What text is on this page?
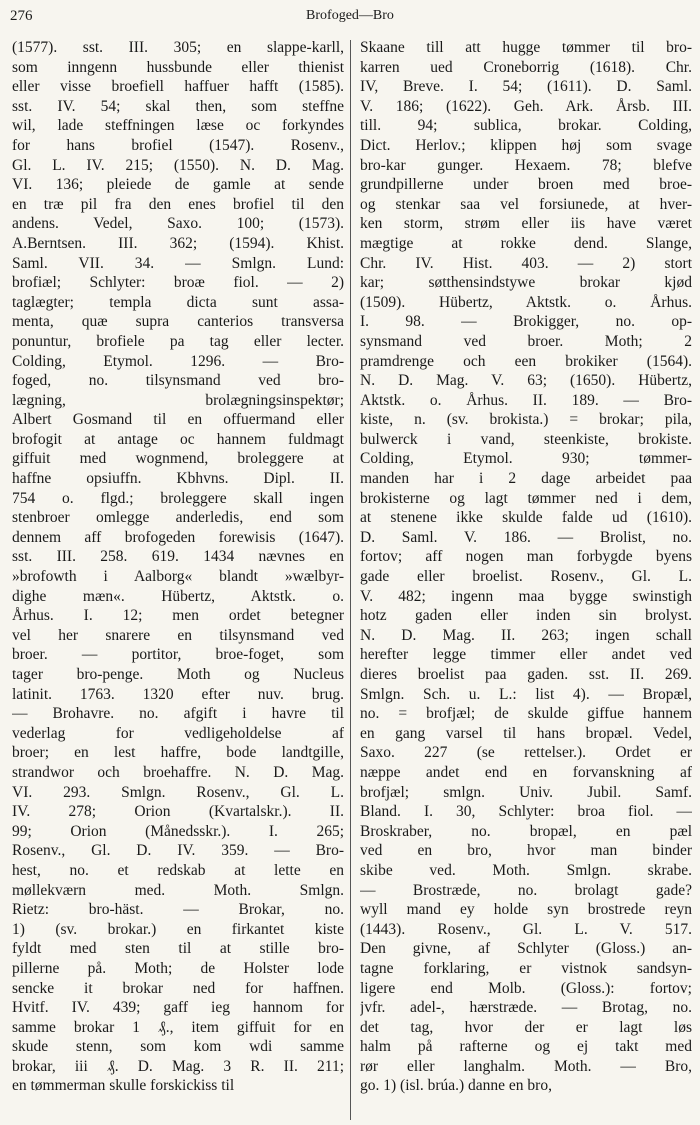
276	Brofoged—Bro
(1577). sst. III. 305; en slappe-karll,
som inngenn hussbunde eller thienist
eller visse broefiell haffuer hafft (1585).
sst. IV. 54; skal then, som steffne
wil, lade steffningen læse oc forkyndes
for hans brofiel (1547). Rosenv.,
Gl. L. IV. 215; (1550). N. D. Mag.
VI. 136; pleiede de gamle at sende
en træ pil fra den enes brofiel til den
andens. Vedel, Saxo. 100; (1573).
A.Berntsen. III. 362; (1594). Khist.
Saml. VII. 34. — Smlgn. Lund:
brofiæl; Schlyter: broæ fiol. — 2)
taglægter; templa dicta sunt assa-
menta, quæ supra canterios transversa
ponuntur, brofiele pa tag eller lecter.
Colding, Etymol. 1296. — Bro-
foged, no. tilsynsmand ved bro-
lægning, brolægningsinspektør;
Albert Gosmand til en offuermand eller
brofogit at antage oc hannem fuldmagt
giffuit med wognmend, broleggere at
haffne opsiuffn. Kbhvns. Dipl. II.
754 o. flgd.; broleggere skall ingen
stenbroer omlegge anderledis, end som
dennem aff brofogeden forewisis (1647).
sst. III. 258. 619. 1434 nævnes en
»brofowth i Aalborg« blandt »wælbyr-
dighe mæn«. Hübertz, Aktstk. o.
Århus. I. 12; men ordet betegner
vel her snarere en tilsynsmand ved
broer. — portitor, broe-foget, som
tager bro-penge. Moth og Nucleus
latinit. 1763. 1320 efter nuv. brug.
— Brohavre. no. afgift i havre til
vederlag for vedligeholdelse af
broer; en lest haffre, bode landtgille,
strandwor och broehaffre. N. D. Mag.
VI. 293. Smlgn. Rosenv., Gl. L.
IV. 278; Orion (Kvartalskr.). II.
99; Orion (Månedsskr.). I. 265;
Rosenv., Gl. D. IV. 359. — Bro-
hest, no. et redskab at lette en
møllekværn med. Moth. Smlgn.
Rietz: bro-häst. — Brokar, no.
1) (sv. brokar.) en firkantet kiste
fyldt med sten til at stille bro-
pillerne på. Moth; de Holster lode
sencke it brokar ned for haffnen.
Hvitf. IV. 439; gaff ieg hannom for
samme brokar 1 ₰., item giffuit for en
skude stenn, som kom wdi samme
brokar, iii ₰. D. Mag. 3 R. II. 211;
en tømmerman skulle forskickiss til
Skaane till att hugge tømmer til bro-
karren ued Croneborrig (1618). Chr.
IV, Breve. I. 54; (1611). D. Saml.
V. 186; (1622). Geh. Ark. Årsb. III.
till. 94; sublica, brokar. Colding,
Dict. Herlov.; klippen høj som svage
bro-kar gunger. Hexaem. 78; blefve
grundpillerne under broen med broe-
og stenkar saa vel forsiunede, at hver-
ken storm, strøm eller iis have været
mægtige at rokke dend. Slange,
Chr. IV. Hist. 403. — 2) stort
kar; søtthensindstywe brokar kjød
(1509). Hübertz, Aktstk. o. Århus.
I. 98. — Brokigger, no. op-
synsmand ved broer. Moth; 2
pramdrenge och een brokiker (1564).
N. D. Mag. V. 63; (1650). Hübertz,
Aktstk. o. Århus. II. 189. — Bro-
kiste, n. (sv. brokista.) = brokar; pila,
bulwerck i vand, steenkiste, brokiste.
Colding, Etymol. 930; tømmer-
manden har i 2 dage arbeidet paa
brokisterne og lagt tømmer ned i dem,
at stenene ikke skulde falde ud (1610).
D. Saml. V. 186. — Brolist, no.
fortov; aff nogen man forbygde byens
gade eller broelist. Rosenv., Gl. L.
V. 482; ingenn maa bygge swinstigh
hotz gaden eller inden sin brolyst.
N. D. Mag. II. 263; ingen schall
herefter legge timmer eller andet ved
dieres broelist paa gaden. sst. II. 269.
Smlgn. Sch. u. L.: list 4). — Bropæl,
no. = brofjæl; de skulde giffue hannem
en gang varsel til hans bropæl. Vedel,
Saxo. 227 (se rettelser.). Ordet er
næppe andet end en forvanskning af
brofjæl; smlgn. Univ. Jubil. Samf.
Bland. I. 30, Schlyter: broa fiol. —
Broskraber, no. bropæl, en pæl
ved en bro, hvor man binder
skibe ved. Moth. Smlgn. skrabe.
— Brostræde, no. brolagt gade?
wyll mand ey holde syn brostrede reyn
(1443). Rosenv., Gl. L. V. 517.
Den givne, af Schlyter (Gloss.) an-
tagne forklaring, er vistnok sandsyn-
ligere end Molb. (Gloss.): fortov;
jvfr. adel-, hærstræde. — Brotag, no.
det tag, hvor der er lagt løs
halm på rafterne og ej takt med
rør eller langhalm. Moth. — Bro,
go. 1) (isl. brúa.) danne en bro,
